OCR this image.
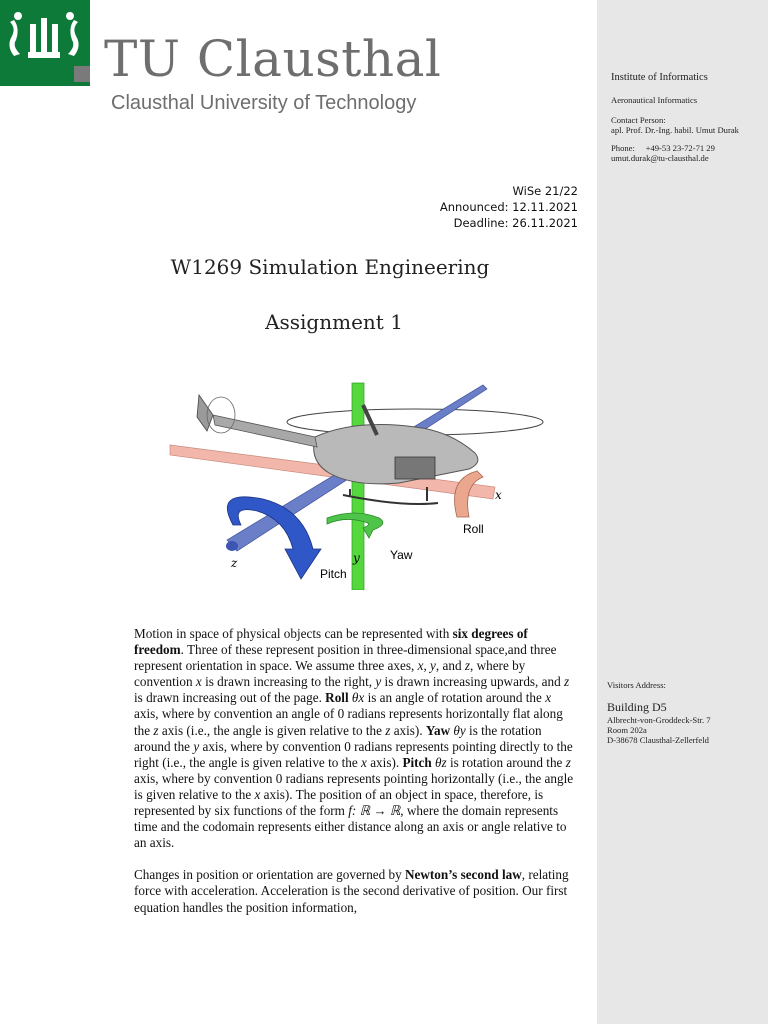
TU Clausthal
Clausthal University of Technology
WiSe 21/22
Announced: 12.11.2021
Deadline: 26.11.2021
W1269 Simulation Engineering
Assignment 1
x
y
z
Roll
Yaw
Pitch

Motion in space of physical objects can be represented with six degrees of freedom. Three of these represent position in three-dimensional space,and three represent orientation in space. We assume three axes, x, y, and z, where by convention x is drawn increasing to the right, y is drawn increasing upwards, and z is drawn increasing out of the page. Roll θx is an angle of rotation around the x axis, where by convention an angle of 0 radians represents horizontally flat along the z axis (i.e., the angle is given relative to the z axis). Yaw θy is the rotation around the y axis, where by convention 0 radians represents pointing directly to the right (i.e., the angle is given relative to the x axis). Pitch θz is rotation around the z axis, where by convention 0 radians represents pointing horizontally (i.e., the angle is given relative to the x axis). The position of an object in space, therefore, is represented by six functions of the form f: ℝ → ℝ, where the domain represents time and the codomain represents either distance along an axis or angle relative to an axis.

Changes in position or orientation are governed by Newton’s second law, relating force with acceleration. Acceleration is the second derivative of position. Our first equation handles the position information,

Institute of Informatics
Aeronautical Informatics
Contact Person:
apl. Prof. Dr.-Ing. habil. Umut Durak
Phone:     +49-53 23-72-71 29
umut.durak@tu-clausthal.de
Visitors Address:
Building D5
Albrecht-von-Groddeck-Str. 7
Room 202a
D-38678 Clausthal-Zellerfeld
